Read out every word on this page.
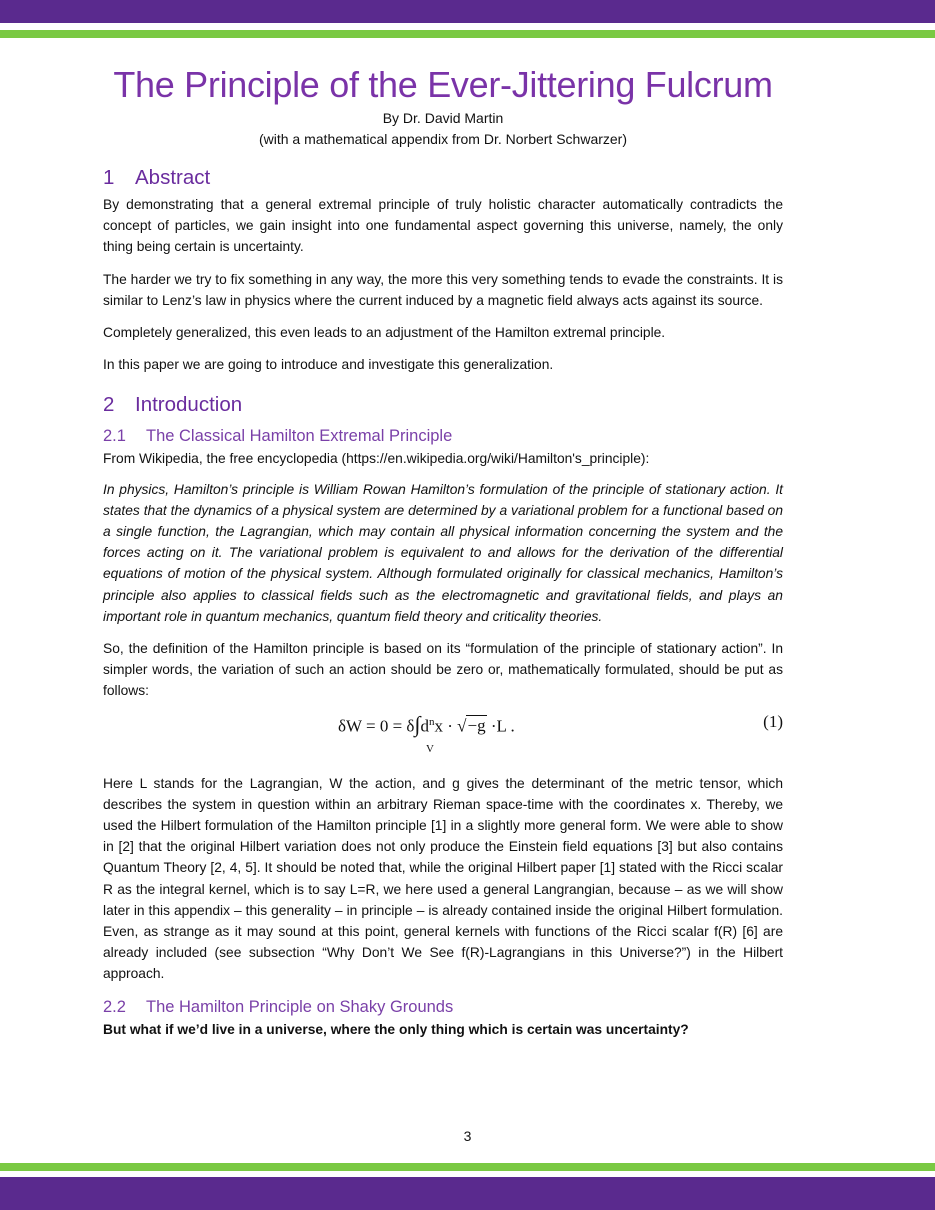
The Principle of the Ever-Jittering Fulcrum
By Dr. David Martin
(with a mathematical appendix from Dr. Norbert Schwarzer)
1 Abstract

By demonstrating that a general extremal principle of truly holistic character automatically contradicts the concept of particles, we gain insight into one fundamental aspect governing this universe, namely, the only thing being certain is uncertainty.

The harder we try to fix something in any way, the more this very something tends to evade the constraints. It is similar to Lenz’s law in physics where the current induced by a magnetic field always acts against its source.

Completely generalized, this even leads to an adjustment of the Hamilton extremal principle.

In this paper we are going to introduce and investigate this generalization.

2 Introduction
2.1 The Classical Hamilton Extremal Principle

From Wikipedia, the free encyclopedia (https://en.wikipedia.org/wiki/Hamilton's_principle):

In physics, Hamilton’s principle is William Rowan Hamilton’s formulation of the principle of stationary action. It states that the dynamics of a physical system are determined by a variational problem for a functional based on a single function, the Lagrangian, which may contain all physical information concerning the system and the forces acting on it. The variational problem is equivalent to and allows for the derivation of the differential equations of motion of the physical system. Although formulated originally for classical mechanics, Hamilton’s principle also applies to classical fields such as the electromagnetic and gravitational fields, and plays an important role in quantum mechanics, quantum field theory and criticality theories.

So, the definition of the Hamilton principle is based on its “formulation of the principle of stationary action”. In simpler words, the variation of such an action should be zero or, mathematically formulated, should be put as follows:

$\delta W = 0 = \delta\int d^nx \cdot √-g \cdot L$ .
V
(1)

Here L stands for the Lagrangian, W the action, and g gives the determinant of the metric tensor, which describes the system in question within an arbitrary Rieman space-time with the coordinates x. Thereby, we used the Hilbert formulation of the Hamilton principle [1] in a slightly more general form. We were able to show in [2] that the original Hilbert variation does not only produce the Einstein field equations [3] but also contains Quantum Theory [2, 4, 5]. It should be noted that, while the original Hilbert paper [1] stated with the Ricci scalar R as the integral kernel, which is to say L=R, we here used a general Langrangian, because – as we will show later in this appendix – this generality – in principle – is already contained inside the original Hilbert formulation. Even, as strange as it may sound at this point, general kernels with functions of the Ricci scalar f(R) [6] are already included (see subsection “Why Don’t We See f(R)-Lagrangians in this Universe?”) in the Hilbert approach.

2.2 The Hamilton Principle on Shaky Grounds

But what if we’d live in a universe, where the only thing which is certain was uncertainty?

3
